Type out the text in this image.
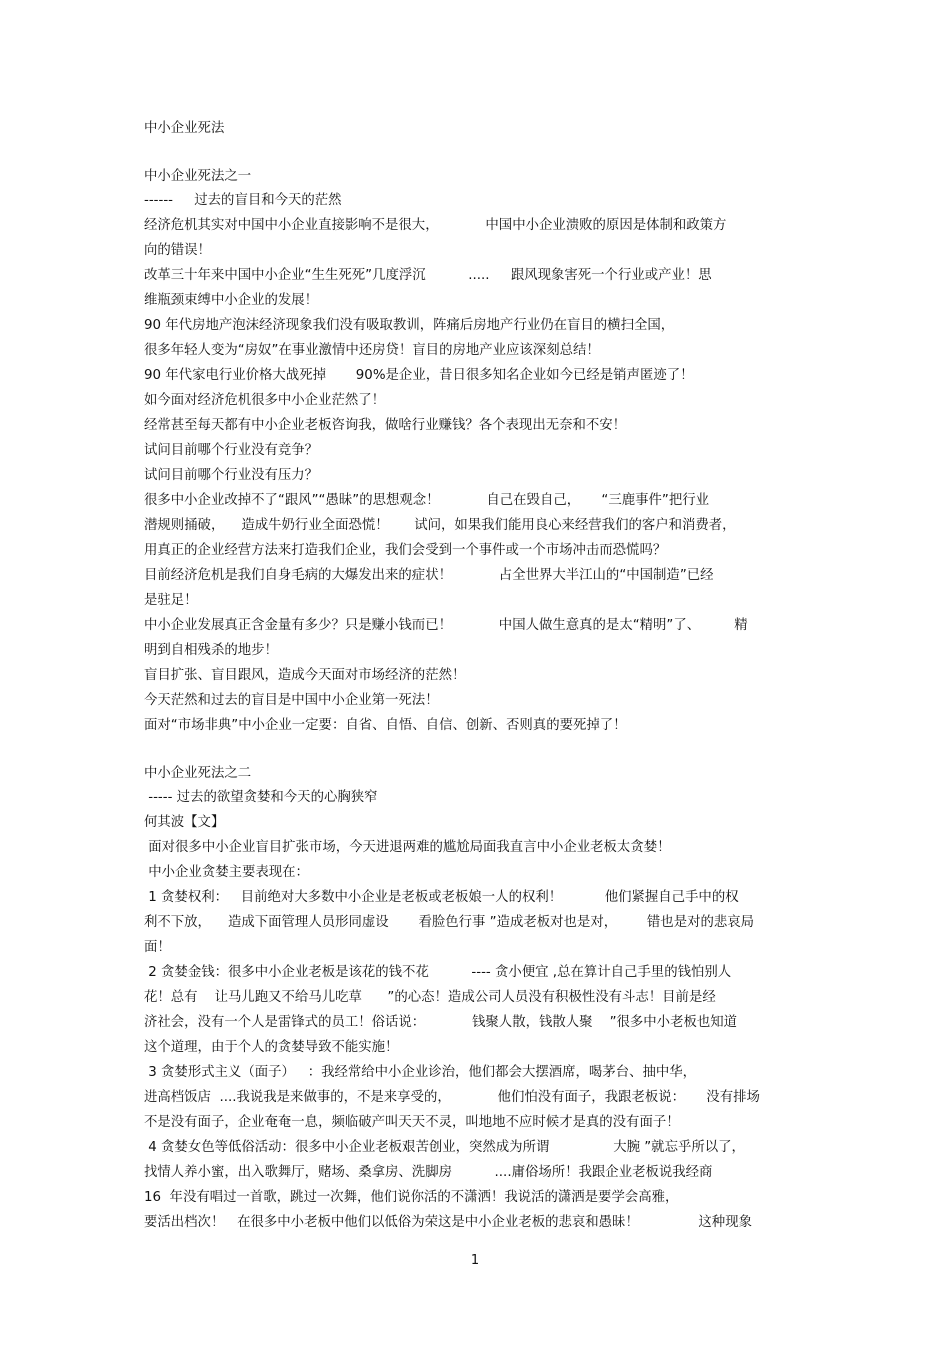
中小企业死法
中小企业死法之一
------     过去的盲目和今天的茫然
经济危机其实对中国中小企业直接影响不是很大，           中国中小企业溃败的原因是体制和政策方
向的错误！
改革三十年来中国中小企业“生生死死”几度浮沉          .....     跟风现象害死一个行业或产业！思
维瓶颈束缚中小企业的发展！
90 年代房地产泡沫经济现象我们没有吸取教训，阵痛后房地产行业仍在盲目的横扫全国，
很多年轻人变为“房奴”在事业激情中还房贷！盲目的房地产业应该深刻总结！
90 年代家电行业价格大战死掉       90%是企业，昔日很多知名企业如今已经是销声匿迹了！
如今面对经济危机很多中小企业茫然了！
经常甚至每天都有中小企业老板咨询我，做啥行业赚钱？各个表现出无奈和不安！
试问目前哪个行业没有竞争？
试问目前哪个行业没有压力？
很多中小企业改掉不了“跟风”“愚昧”的思想观念！           自己在毁自己，     “三鹿事件”把行业
潜规则捅破，    造成牛奶行业全面恐慌！      试问，如果我们能用良心来经营我们的客户和消费者，
用真正的企业经营方法来打造我们企业，我们会受到一个事件或一个市场冲击而恐慌吗？
目前经济危机是我们自身毛病的大爆发出来的症状！           占全世界大半江山的“中国制造”已经
是驻足！
中小企业发展真正含金量有多少？只是赚小钱而已！           中国人做生意真的是太“精明”了、        精
明到自相残杀的地步！
盲目扩张、盲目跟风，造成今天面对市场经济的茫然！
今天茫然和过去的盲目是中国中小企业第一死法！
面对“市场非典”中小企业一定要：自省、自悟、自信、创新、否则真的要死掉了！
中小企业死法之二
----- 过去的欲望贪婪和今天的心胸狭窄
何其波【文】
面对很多中小企业盲目扩张市场，今天进退两难的尴尬局面我直言中小企业老板太贪婪！
中小企业贪婪主要表现在：
1 贪婪权利：   目前绝对大多数中小企业是老板或老板娘一人的权利！          他们紧握自己手中的权
利不下放，    造成下面管理人员形同虚设       看脸色行事 ”造成老板对也是对，       错也是对的悲哀局
面！
2 贪婪金钱：很多中小企业老板是该花的钱不花          ---- 贪小便宜 ,总在算计自己手里的钱怕别人
花！总有    让马儿跑又不给马儿吃草      ”的心态！造成公司人员没有积极性没有斗志！目前是经
济社会，没有一个人是雷锋式的员工！俗话说：           钱聚人散，钱散人聚    ”很多中小老板也知道
这个道理，由于个人的贪婪导致不能实施！
3 贪婪形式主义（面子）   ：我经常给中小企业诊治，他们都会大摆酒席，喝茅台、抽中华，
进高档饭店  ....我说我是来做事的，不是来享受的，           他们怕没有面子，我跟老板说：     没有排场
不是没有面子，企业奄奄一息，频临破产叫天天不灵，叫地地不应时候才是真的没有面子！
4 贪婪女色等低俗活动：很多中小企业老板艰苦创业，突然成为所谓               大腕 ”就忘乎所以了，
找情人养小蜜，出入歌舞厅，赌场、桑拿房、洗脚房          ....庸俗场所！我跟企业老板说我经商
16  年没有唱过一首歌，跳过一次舞，他们说你活的不潇洒！我说活的潇洒是要学会高雅，
要活出档次！   在很多中小老板中他们以低俗为荣这是中小企业老板的悲哀和愚昧！              这种现象
1
